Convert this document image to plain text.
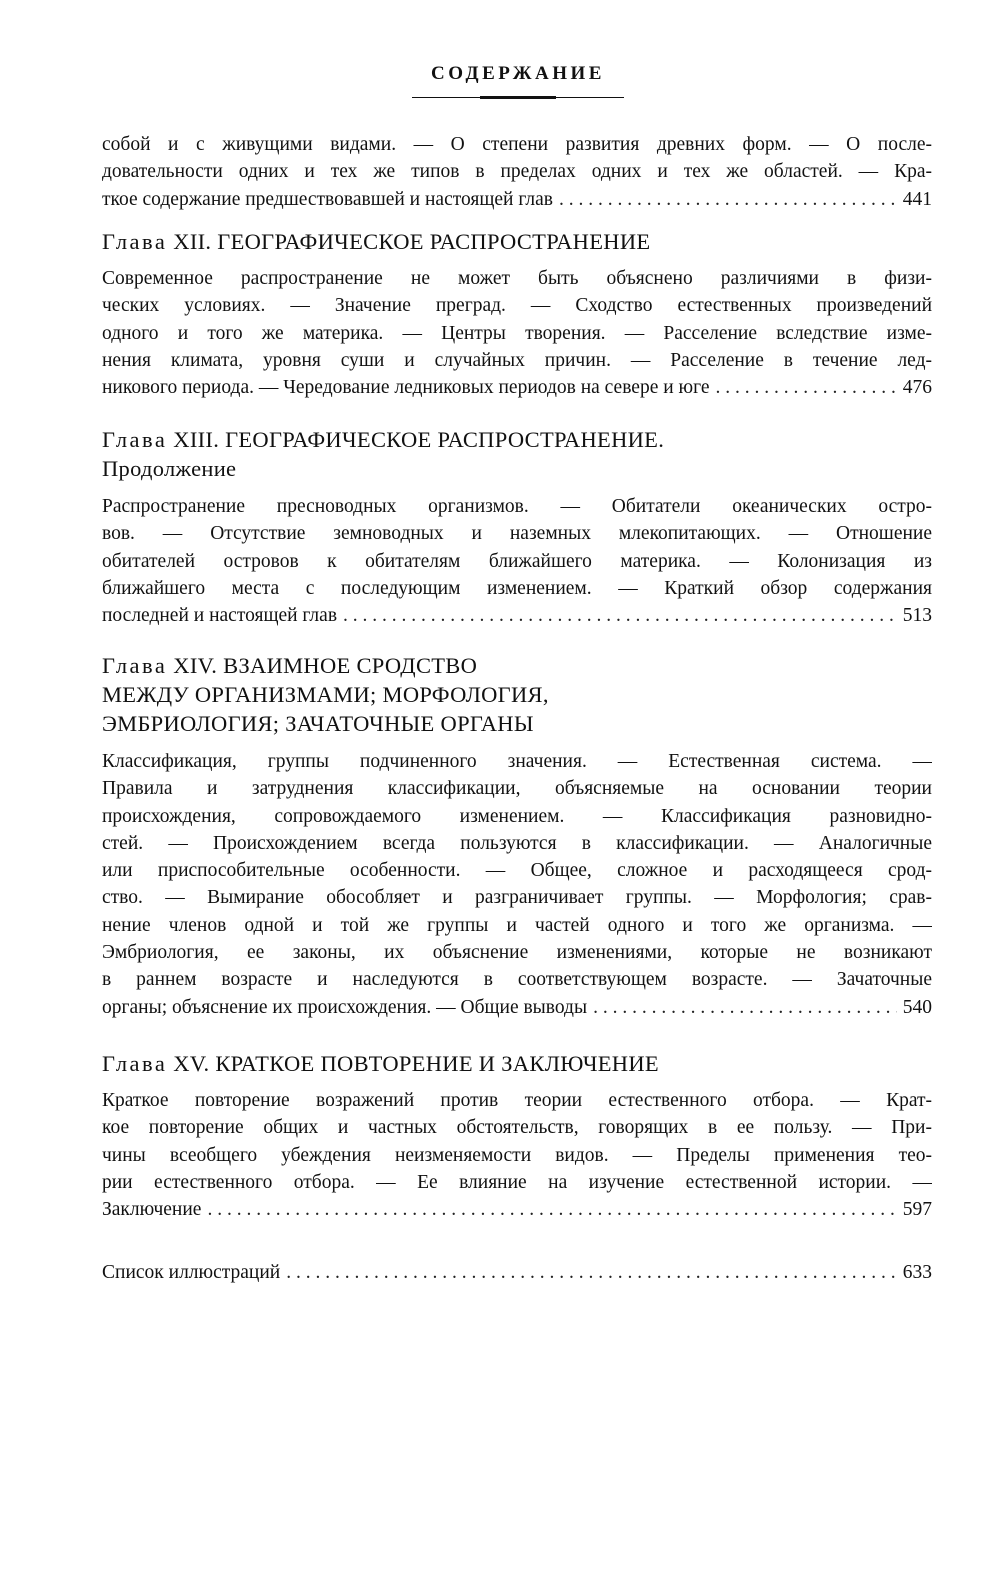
СОДЕРЖАНИЕ
собой и с живущими видами. — О степени развития древних форм. — О после-
довательности одних и тех же типов в пределах одних и тех же областей. — Кра-
ткое содержание предшествовавшей и настоящей глав . . .	441
Глава XII. ГЕОГРАФИЧЕСКОЕ РАСПРОСТРАНЕНИЕ
Современное распространение не может быть объяснено различиями в физи-
ческих условиях. — Значение преград. — Сходство естественных произведений
одного и того же материка. — Центры творения. — Расселение вследствие изме-
нения климата, уровня суши и случайных причин. — Расселение в течение лед-
никового периода. — Чередование ледниковых периодов на севере и юге . . .	476
Глава XIII. ГЕОГРАФИЧЕСКОЕ РАСПРОСТРАНЕНИЕ.
Продолжение
Распространение пресноводных организмов. — Обитатели океанических остро-
вов. — Отсутствие земноводных и наземных млекопитающих. — Отношение
обитателей островов к обитателям ближайшего материка. — Колонизация из
ближайшего места с последующим изменением. — Краткий обзор содержания
последней и настоящей глав . . .	513
Глава XIV. ВЗАИМНОЕ СРОДСТВО
МЕЖДУ ОРГАНИЗМАМИ; МОРФОЛОГИЯ,
ЭМБРИОЛОГИЯ; ЗАЧАТОЧНЫЕ ОРГАНЫ
Классификация, группы подчиненного значения. — Естественная система. —
Правила и затруднения классификации, объясняемые на основании теории
происхождения, сопровождаемого изменением. — Классификация разновидно-
стей. — Происхождением всегда пользуются в классификации. — Аналогичные
или приспособительные особенности. — Общее, сложное и расходящееся срод-
ство. — Вымирание обособляет и разграничивает группы. — Морфология; срав-
нение членов одной и той же группы и частей одного и того же организма. —
Эмбриология, ее законы, их объяснение изменениями, которые не возникают
в раннем возрасте и наследуются в соответствующем возрасте. — Зачаточные
органы; объяснение их происхождения. — Общие выводы . . .	540
Глава XV. КРАТКОЕ ПОВТОРЕНИЕ И ЗАКЛЮЧЕНИЕ
Краткое повторение возражений против теории естественного отбора. — Крат-
кое повторение общих и частных обстоятельств, говорящих в ее пользу. — При-
чины всеобщего убеждения неизменяемости видов. — Пределы применения тео-
рии естественного отбора. — Ее влияние на изучение естественной истории. —
Заключение . . .	597
Список иллюстраций . . .	633
